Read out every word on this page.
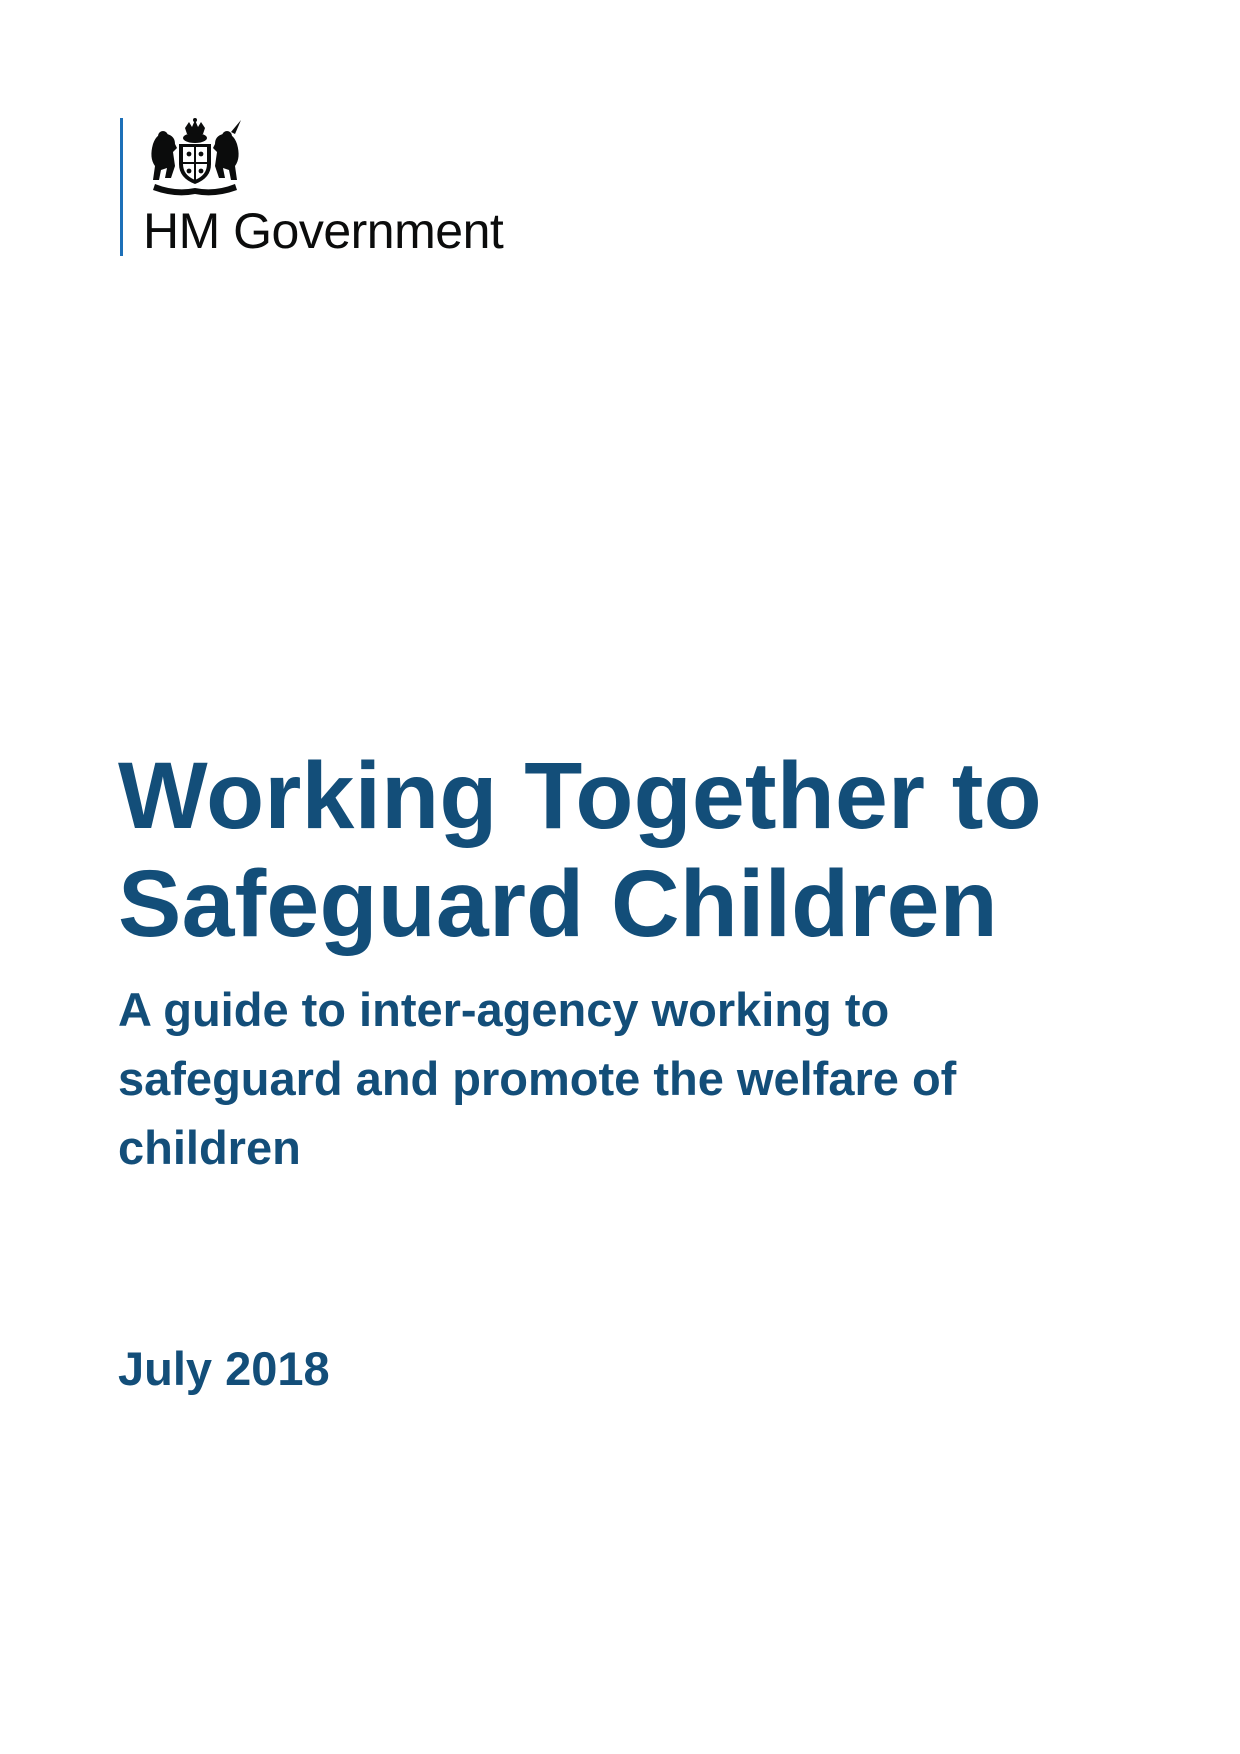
HM Government
Working Together to
Safeguard Children

A guide to inter-agency working to safeguard and promote the welfare of children

July 2018
